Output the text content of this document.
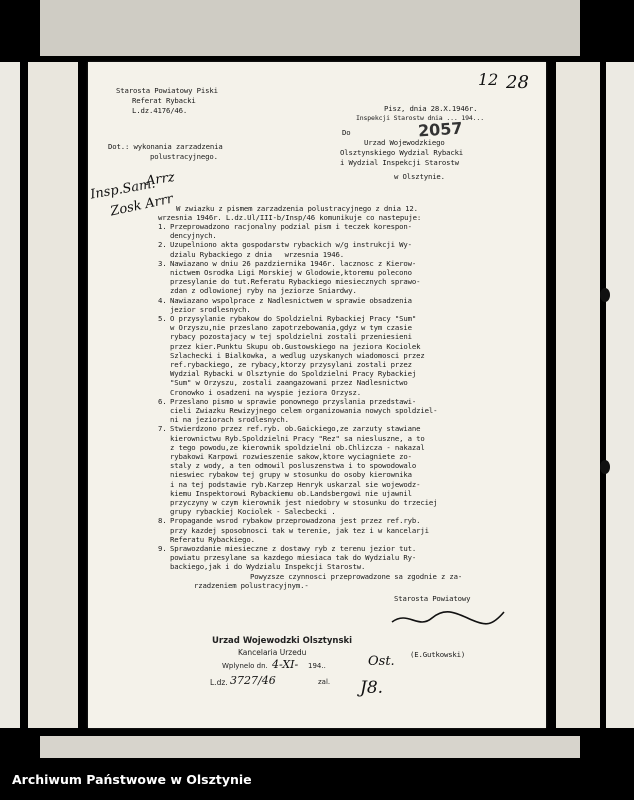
Starosta Powiatowy Piski
Referat Rybacki
L.dz.4176/46.
Dot.: wykonania zarzadzenia
polustracyjnego.
Pisz, dnia 28.X.1946r.
Inspekcji Starostw dnia ... 194...
Do	2057
Urzad Wojewodzkiego
Olsztynskiego Wydzial Rybacki
i Wydzial Inspekcji Starostw
w Olsztynie.
12 28
Insp.Sam.
Arrz
Zosk Arrr W zwiazku z pismem zarzadzenia polustracyjnego z dnia 12.
wrzesnia 1946r. L.dz.Ul/III-b/Insp/46 komunikuje co nastepuje:
1. Przeprowadzono racjonalny podzial pism i teczek korespon-
dencyjnych.
2. Uzupelniono akta gospodarstw rybackich w/g instrukcji Wy-
dzialu Rybackiego z dnia   wrzesnia 1946.
3. Nawiazano w dniu 26 pazdziernika 1946r. lacznosc z Kierow-
nictwem Osrodka Ligi Morskiej w Glodowie,ktoremu polecono
przesylanie do tut.Referatu Rybackiego miesiecznych sprawo-
zdan z odlowionej ryby na jeziorze Sniardwy.
4. Nawiazano wspolprace z Nadlesnictwem w sprawie obsadzenia
jezior srodlesnych.
5. O przysylanie rybakow do Spoldzielni Rybackiej Pracy "Sum"
w Orzyszu,nie przeslano zapotrzebowania,gdyz w tym czasie
rybacy pozostajacy w tej spoldzielni zostali przeniesieni
przez kier.Punktu Skupu ob.Gustowskiego na jeziora Kociolek
Szlachecki i Bialkowka, a wedlug uzyskanych wiadomosci przez
ref.rybackiego, ze rybacy,ktorzy przysylani zostali przez
Wydzial Rybacki w Olsztynie do Spoldzielni Pracy Rybackiej
"Sum" w Orzyszu, zostali zaangazowani przez Nadlesnictwo
Cronowko i osadzeni na wyspie jeziora Orzysz.
6. Przeslano pismo w sprawie ponownego przyslania przedstawi-
cieli Zwiazku Rewizyjnego celem organizowania nowych spoldziel-
ni na jeziorach srodlesnych.
7. Stwierdzono przez ref.ryb. ob.Gaickiego,ze zarzuty stawiane
kierownictwu Ryb.Spoldzielni Pracy "Rez" sa niesluszne, a to
z tego powodu,ze kierownik spoldzielni ob.Chlizcza - nakazal
rybakowi Karpowi rozwieszenie sakow,ktore wyciagniete zo-
staly z wody, a ten odmowil posluszenstwa i to spowodowalo
nieswiec rybakow tej grupy w stosunku do osoby kierownika
i na tej podstawie ryb.Karzep Henryk uskarzal sie wojewodz-
kiemu Inspektorowi Rybackiemu ob.Landsbergowi nie ujawnil
przyczyny w czym kierownik jest niedobry w stosunku do trzeciej
grupy rybackiej Kociolek - Salecbecki .
8. Propagande wsrod rybakow przeprowadzona jest przez ref.ryb.
przy kazdej sposobnosci tak w terenie, jak tez i w kancelarji
Referatu Rybackiego.
9. Sprawozdanie miesieczne z dostawy ryb z terenu jezior tut.
powiatu przesylane sa kazdego miesiaca tak do Wydzialu Ry-
backiego,jak i do Wydzialu Inspekcji Starostw.
Powyzsze czynnosci przeprowadzone sa zgodnie z za-
rzadzeniem polustracyjnym.-
Starosta Powiatowy
(E.Gutkowski)
Ost.
J8.
Urzad Wojewodzki Olsztynski
Kancelaria Urzedu
Wplynelo dn. 4-XI- 194..
L.dz. 3727/46	zal.
Archiwum Państwowe w Olsztynie
